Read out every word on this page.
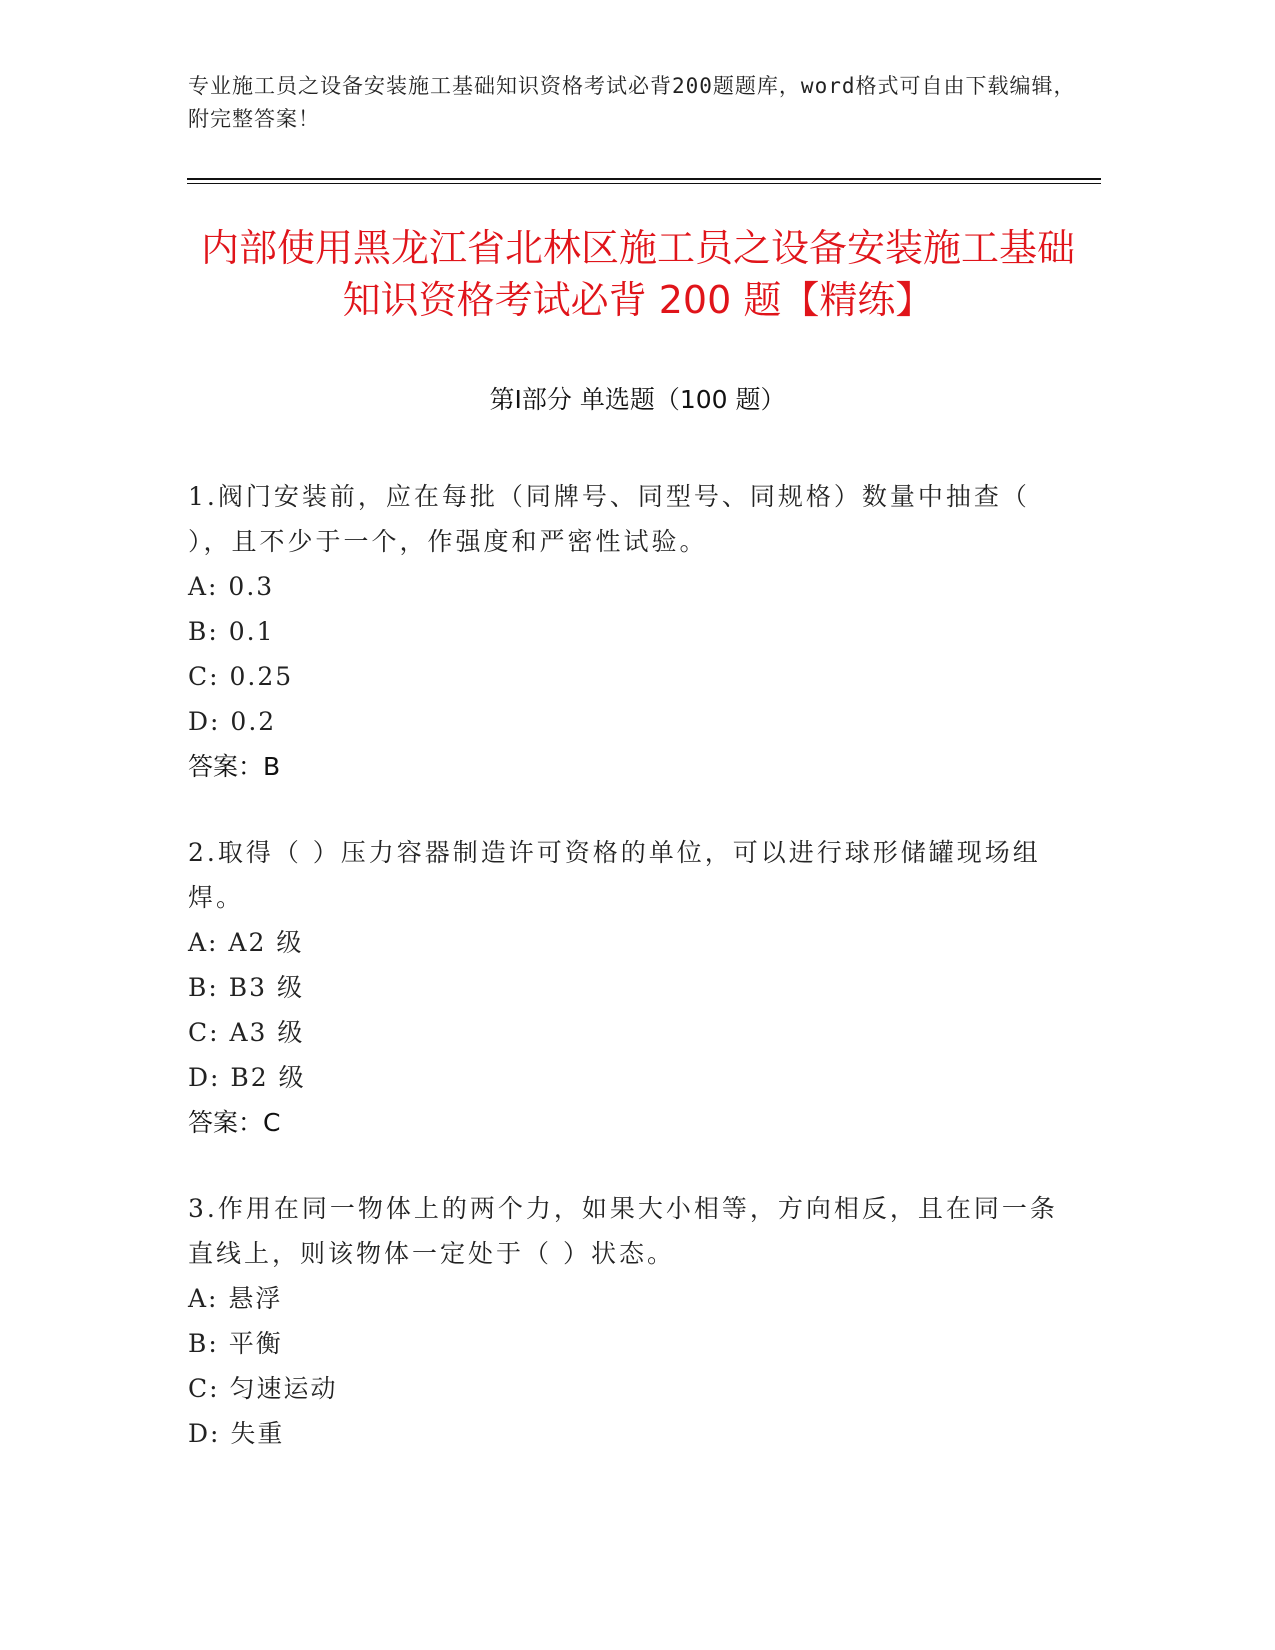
专业施工员之设备安装施工基础知识资格考试必背200题题库，word格式可自由下载编辑，附完整答案！
内部使用黑龙江省北林区施工员之设备安装施工基础知识资格考试必背 200 题【精练】
第Ⅰ部分 单选题（100 题）

1.阀门安装前，应在每批（同牌号、同型号、同规格）数量中抽查（ ），且不少于一个，作强度和严密性试验。

A: 0.3

B: 0.1

C: 0.25

D: 0.2

答案：B

2.取得（ ）压力容器制造许可资格的单位，可以进行球形储罐现场组焊。

A: A2 级

B: B3 级

C: A3 级

D: B2 级

答案：C

3.作用在同一物体上的两个力，如果大小相等，方向相反，且在同一条直线上，则该物体一定处于（ ）状态。

A: 悬浮

B: 平衡

C: 匀速运动

D: 失重
